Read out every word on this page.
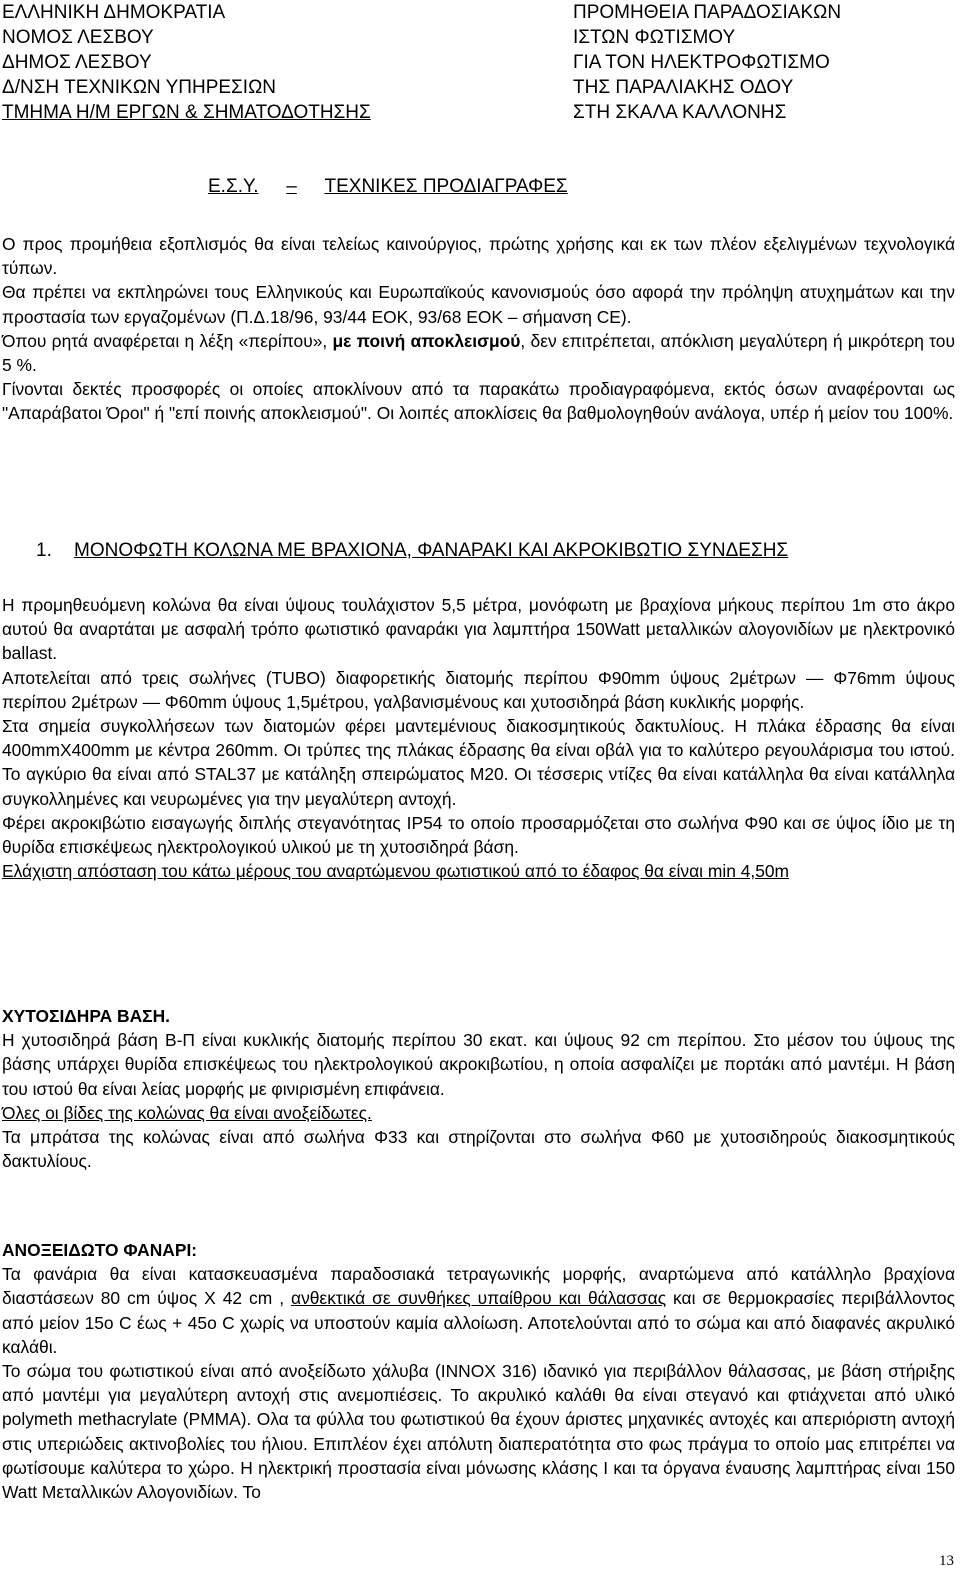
ΕΛΛΗΝΙΚΗ ΔΗΜΟΚΡΑΤΙΑ
ΝΟΜΟΣ ΛΕΣΒΟΥ
ΔΗΜΟΣ ΛΕΣΒΟΥ
Δ/ΝΣΗ ΤΕΧΝΙΚΩΝ ΥΠΗΡΕΣΙΩΝ
ΤΜΗΜΑ Η/Μ ΕΡΓΩΝ & ΣΗΜΑΤΟΔΟΤΗΣΗΣ
ΠΡΟΜΗΘΕΙΑ ΠΑΡΑΔΟΣΙΑΚΩΝ
ΙΣΤΩΝ ΦΩΤΙΣΜΟΥ
ΓΙΑ ΤΟΝ ΗΛΕΚΤΡΟΦΩΤΙΣΜΟ
ΤΗΣ ΠΑΡΑΛΙΑΚΗΣ ΟΔΟΥ
ΣΤΗ ΣΚΑΛΑ ΚΑΛΛΟΝΗΣ
Ε.Σ.Υ. – ΤΕΧΝΙΚΕΣ ΠΡΟΔΙΑΓΡΑΦΕΣ

Ο προς προμήθεια εξοπλισμός θα είναι τελείως καινούργιος, πρώτης χρήσης και εκ των πλέον εξελιγμένων τεχνολογικά τύπων.

Θα πρέπει να εκπληρώνει τους Ελληνικούς και Ευρωπαϊκούς κανονισμούς όσο αφορά την πρόληψη ατυχημάτων και την προστασία των εργαζομένων (Π.Δ.18/96, 93/44 ΕΟΚ, 93/68 ΕΟΚ – σήμανση CE).

Όπου ρητά αναφέρεται η λέξη «περίπου», με ποινή αποκλεισμού, δεν επιτρέπεται, απόκλιση μεγαλύτερη ή μικρότερη του 5 %.

Γίνονται δεκτές προσφορές οι οποίες αποκλίνουν από τα παρακάτω προδιαγραφόμενα, εκτός όσων αναφέρονται ως "Απαράβατοι Όροι" ή "επί ποινής αποκλεισμού". Οι λοιπές αποκλίσεις θα βαθμολογηθούν ανάλογα, υπέρ ή μείον του 100%.

1. ΜΟΝΟΦΩΤΗ ΚΟΛΩΝΑ ΜΕ ΒΡΑΧΙΟΝΑ, ΦΑΝΑΡΑΚΙ ΚΑΙ ΑΚΡΟΚΙΒΩΤΙΟ ΣΥΝΔΕΣΗΣ

Η προμηθευόμενη κολώνα θα είναι ύψους τουλάχιστον 5,5 μέτρα, μονόφωτη με βραχίονα μήκους περίπου 1m στο άκρο αυτού θα αναρτάται με ασφαλή τρόπο φωτιστικό φαναράκι για λαμπτήρα 150Watt μεταλλικών αλογονιδίων με ηλεκτρονικό ballast.

Αποτελείται από τρεις σωλήνες (ΤUBO) διαφορετικής διατομής περίπου Φ90mm ύψους 2μέτρων — Φ76mm ύψους περίπου 2μέτρων — Φ60mm ύψους 1,5μέτρου, γαλβανισμένους και χυτοσιδηρά βάση κυκλικής μορφής.

Στα σημεία συγκολλήσεων των διατομών φέρει μαντεμένιους διακοσμητικούς δακτυλίους. Η πλάκα έδρασης θα είναι 400mmX400mm με κέντρα 260mm. Οι τρύπες της πλάκας έδρασης θα είναι οβάλ για το καλύτερο ρεγουλάρισμα του ιστού. Το αγκύριο θα είναι από STAL37 με κατάληξη σπειρώματος Μ20. Οι τέσσερις ντίζες θα είναι κατάλληλα θα είναι κατάλληλα συγκολλημένες και νευρωμένες για την μεγαλύτερη αντοχή.

Φέρει ακροκιβώτιο εισαγωγής διπλής στεγανότητας IP54 το οποίο προσαρμόζεται στο σωλήνα Φ90 και σε ύψος ίδιο με τη θυρίδα επισκέψεως ηλεκτρολογικού υλικού με τη χυτοσιδηρά βάση.

Ελάχιστη απόσταση του κάτω μέρους του αναρτώμενου φωτιστικού από το έδαφος θα είναι min 4,50m

ΧΥΤΟΣΙΔΗΡΑ ΒΑΣΗ.

Η χυτοσιδηρά βάση Β-Π είναι κυκλικής διατομής περίπου 30 εκατ. και ύψους 92 cm περίπου. Στο μέσον του ύψους της βάσης υπάρχει θυρίδα επισκέψεως του ηλεκτρολογικού ακροκιβωτίου, η οποία ασφαλίζει με πορτάκι από μαντέμι. Η βάση του ιστού θα είναι λείας μορφής με φινιρισμένη επιφάνεια.

Όλες οι βίδες της κολώνας θα είναι ανοξείδωτες.

Τα μπράτσα της κολώνας είναι από σωλήνα Φ33 και στηρίζονται στο σωλήνα Φ60 με χυτοσιδηρούς διακοσμητικούς δακτυλίους.

ΑΝΟΞΕΙΔΩΤΟ ΦΑΝΑΡΙ:

Τα φανάρια θα είναι κατασκευασμένα παραδοσιακά τετραγωνικής μορφής, αναρτώμενα από κατάλληλο βραχίονα διαστάσεων 80 cm ύψος Χ 42 cm , ανθεκτικά σε συνθήκες υπαίθρου και θάλασσας και σε θερμοκρασίες περιβάλλοντος από μείον 15ο C έως + 45ο C χωρίς να υποστούν καμία αλλοίωση. Αποτελούνται από το σώμα και από διαφανές ακρυλικό καλάθι.

Το σώμα του φωτιστικού είναι από ανοξείδωτο χάλυβα (INNOX 316) ιδανικό για περιβάλλον θάλασσας, με βάση στήριξης από μαντέμι για μεγαλύτερη αντοχή στις ανεμοπιέσεις. Το ακρυλικό καλάθι θα είναι στεγανό και φτιάχνεται από υλικό polymeth methacrylate (PMMA). Ολα τα φύλλα του φωτιστικού θα έχουν άριστες μηχανικές αντοχές και απεριόριστη αντοχή στις υπεριώδεις ακτινοβολίες του ήλιου. Επιπλέον έχει απόλυτη διαπερατότητα στο φως πράγμα το οποίο μας επιτρέπει να φωτίσουμε καλύτερα το χώρο. Η ηλεκτρική προστασία είναι μόνωσης κλάσης Ι και τα όργανα έναυσης λαμπτήρας είναι 150 Watt Μεταλλικών Αλογονιδίων. Το

13
